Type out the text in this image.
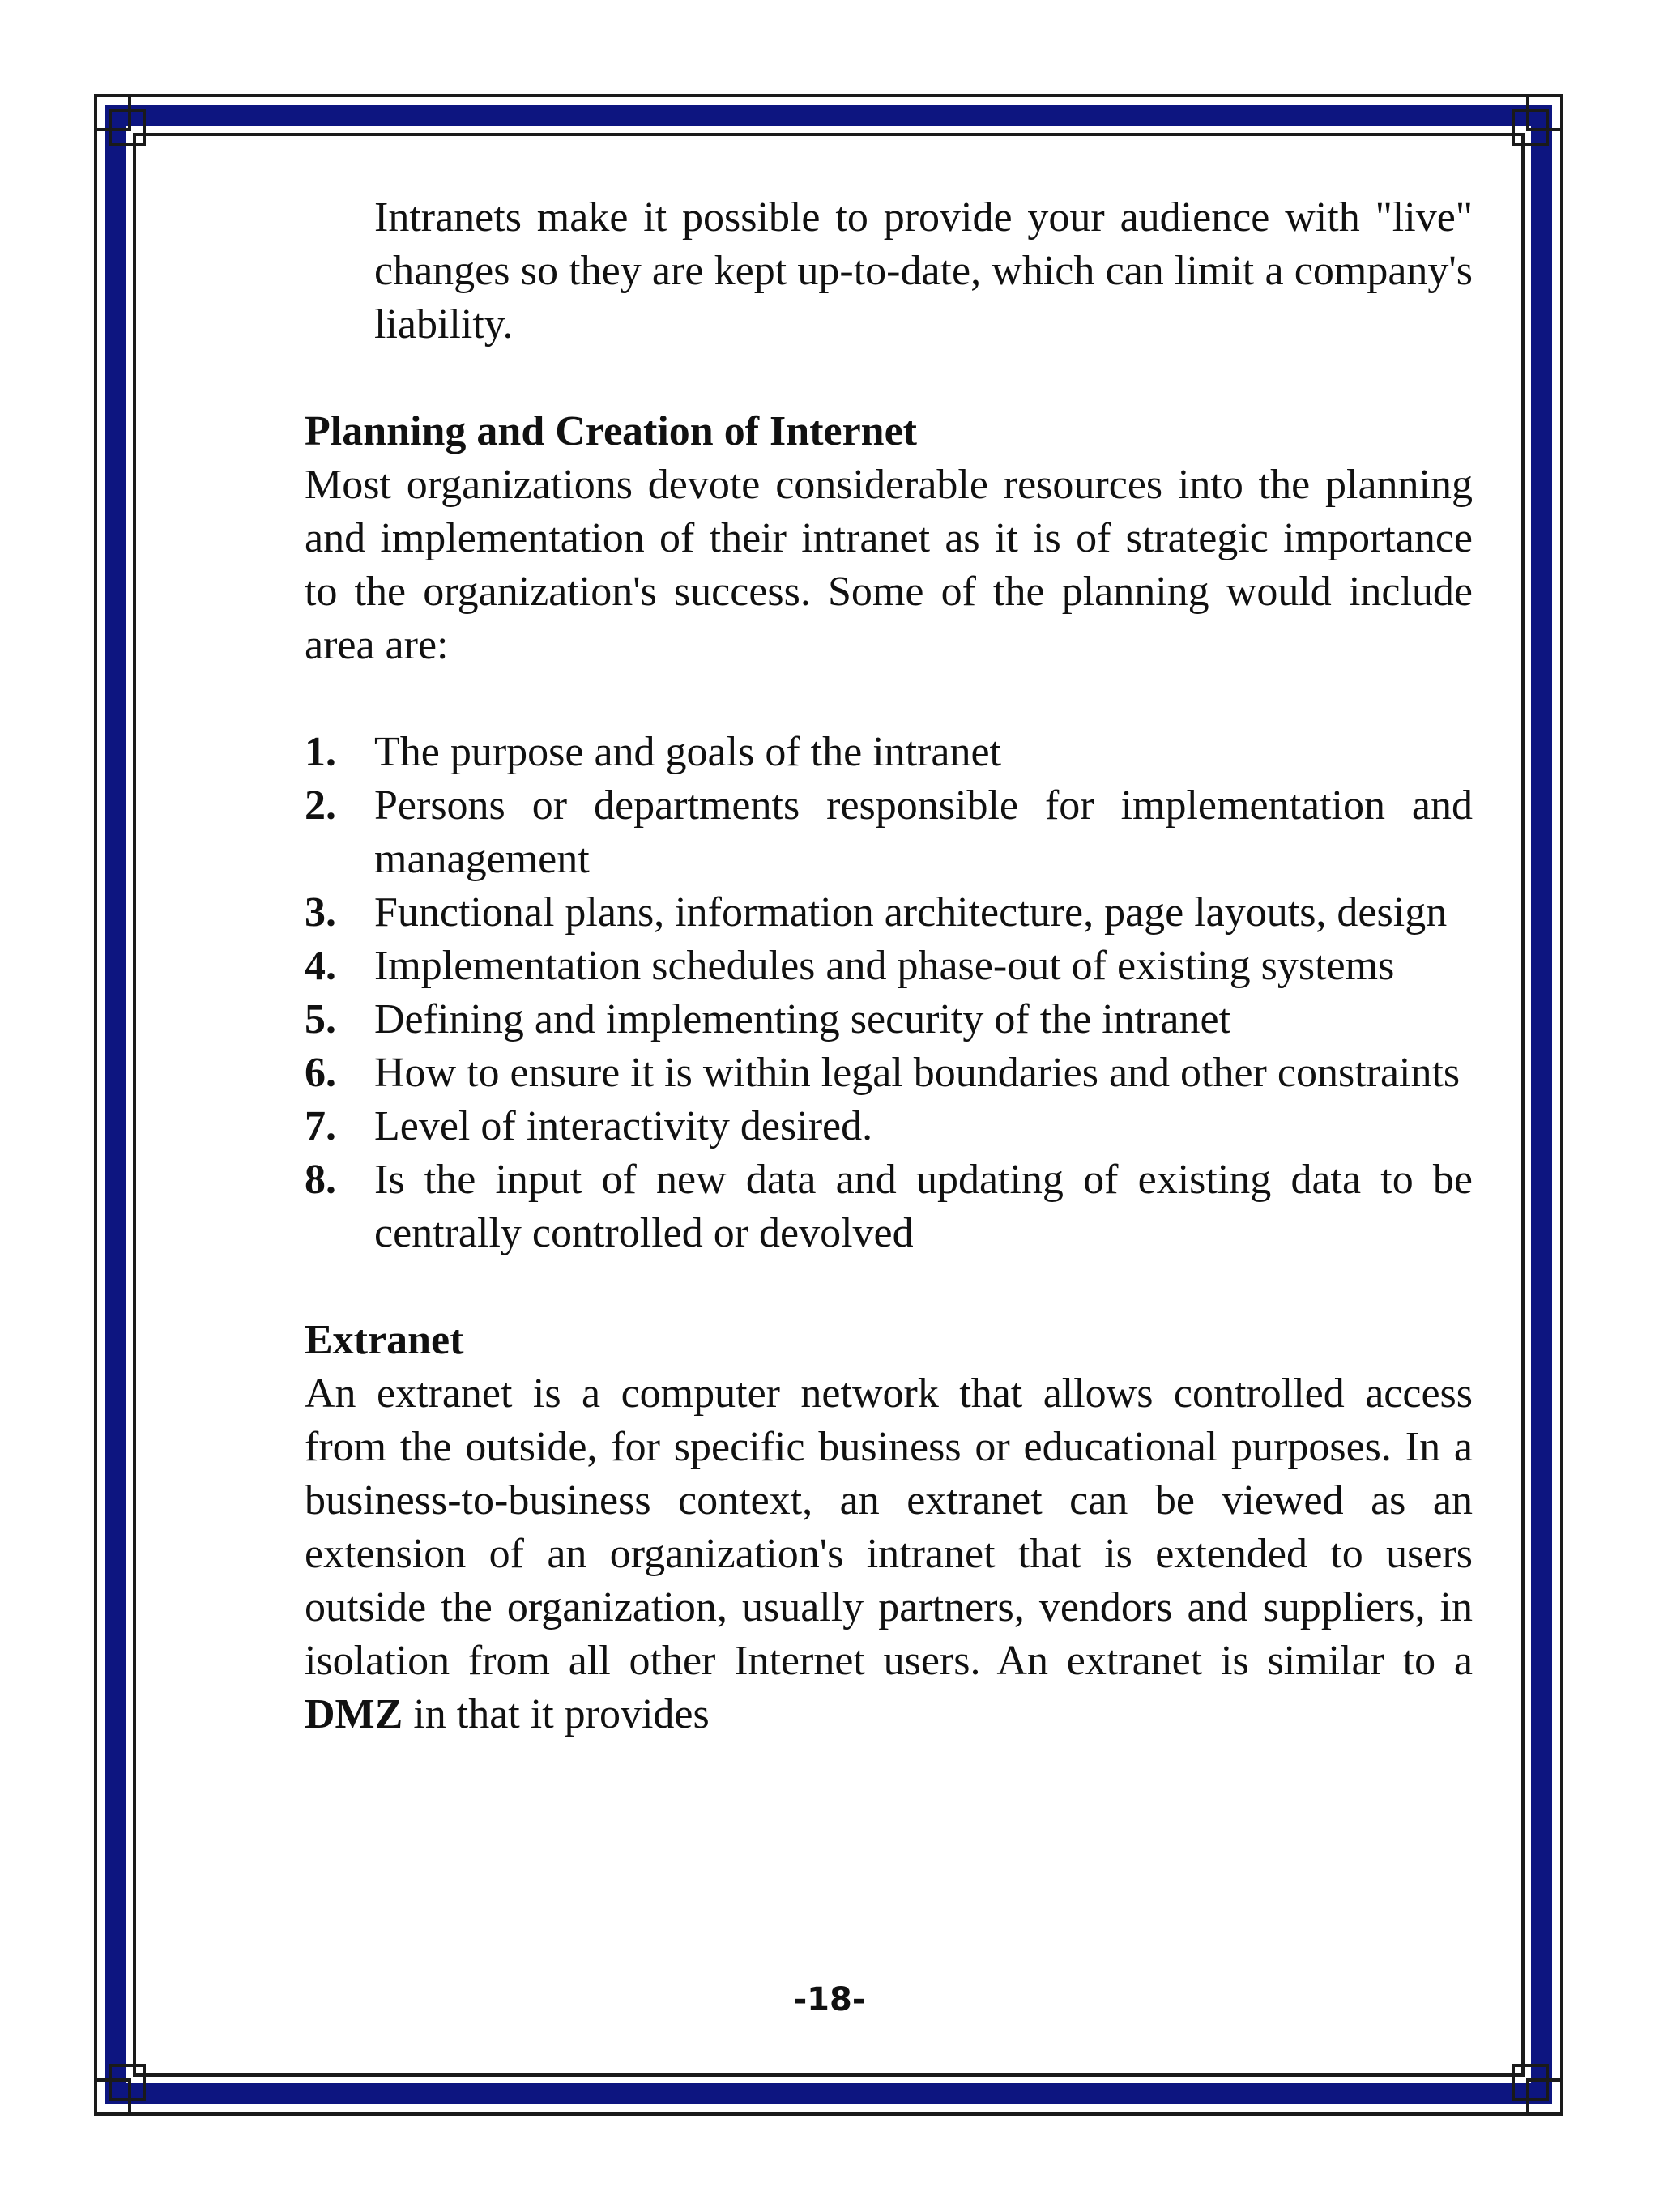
Intranets make it possible to provide your audience with "live" changes so they are kept up-to-date, which can limit a company's liability.

Planning and Creation of Internet

Most organizations devote considerable resources into the planning and implementation of their intranet as it is of strategic importance to the organization's success. Some of the planning would include area are:

1. The purpose and goals of the intranet
2. Persons or departments responsible for implementation and management
3. Functional plans, information architecture, page layouts, design
4. Implementation schedules and phase-out of existing systems
5. Defining and implementing security of the intranet
6. How to ensure it is within legal boundaries and other constraints
7. Level of interactivity desired.
8. Is the input of new data and updating of existing data to be centrally controlled or devolved

Extranet

An extranet is a computer network that allows controlled access from the outside, for specific business or educational purposes. In a business-to-business context, an extranet can be viewed as an extension of an organization's intranet that is extended to users outside the organization, usually partners, vendors and suppliers, in isolation from all other Internet users. An extranet is similar to a DMZ in that it provides

-18-
